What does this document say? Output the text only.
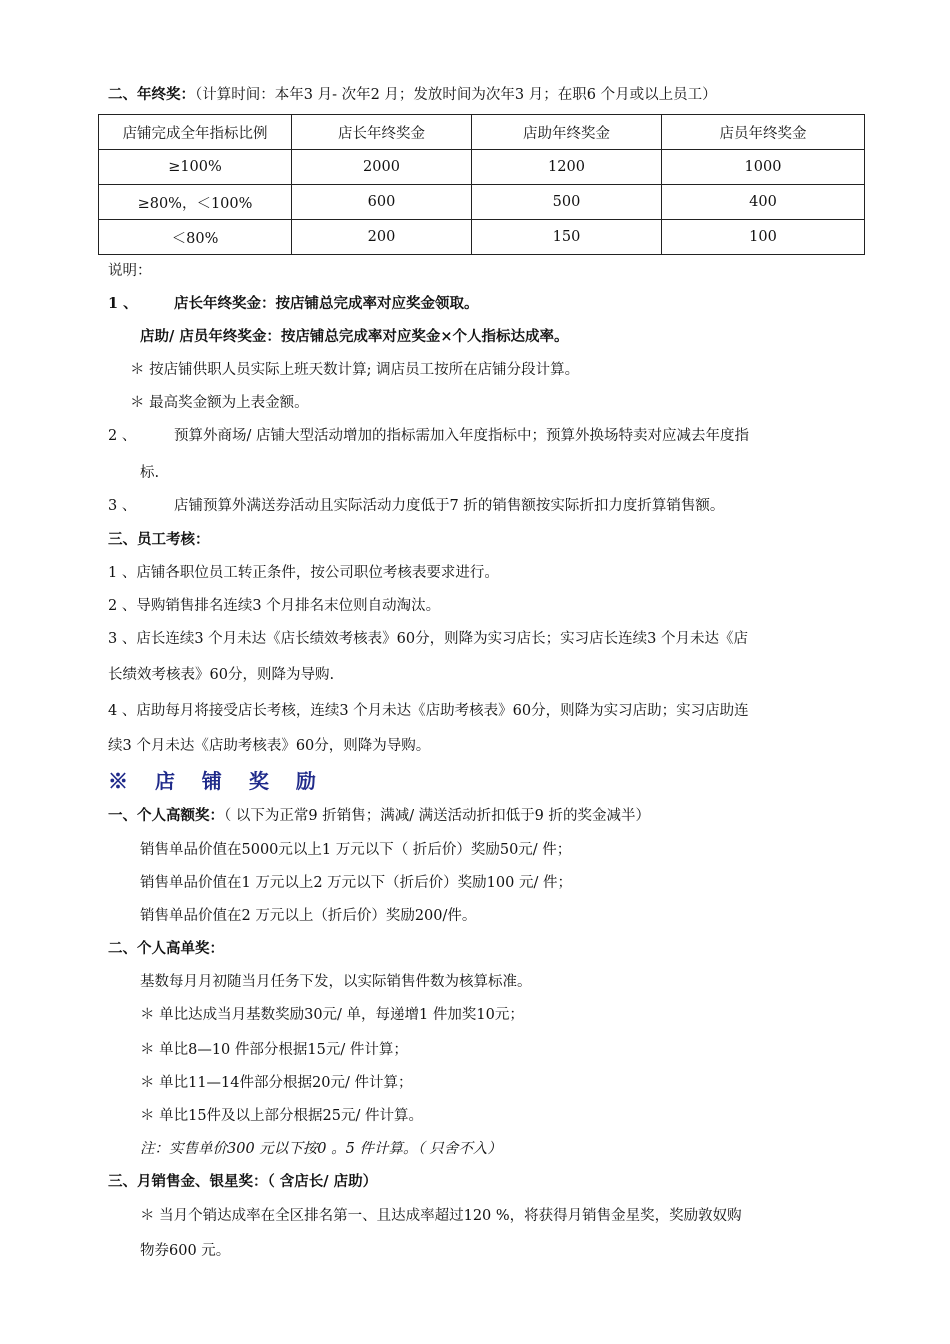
二、年终奖：（计算时间：本年3 月- 次年2 月；发放时间为次年3 月；在职6 个月或以上员工）
店铺完成全年指标比例	店长年终奖金	店助年终奖金	店员年终奖金
≥100%	2000	1200	1000
≥80%，＜100%	600	500	400
＜80%	200	150	100
说明：
1 、	店长年终奖金：按店铺总完成率对应奖金领取。
店助/ 店员年终奖金：按店铺总完成率对应奖金×个人指标达成率。
＊ 按店铺供职人员实际上班天数计算; 调店员工按所在店铺分段计算。
＊ 最高奖金额为上表金额。
2 、	预算外商场/ 店铺大型活动增加的指标需加入年度指标中；预算外换场特卖对应减去年度指
标.
3 、	店铺预算外满送券活动且实际活动力度低于7 折的销售额按实际折扣力度折算销售额。
三、员工考核：
1 、店铺各职位员工转正条件，按公司职位考核表要求进行。
2 、导购销售排名连续3 个月排名末位则自动淘汰。
3 、店长连续3 个月未达《店长绩效考核表》60分，则降为实习店长；实习店长连续3 个月未达《店
长绩效考核表》60分，则降为导购.
4 、店助每月将接受店长考核，连续3 个月未达《店助考核表》60分，则降为实习店助；实习店助连
续3 个月未达《店助考核表》60分，则降为导购。
※ 店 铺 奖 励
一、个人高额奖：（ 以下为正常9 折销售；满减/ 满送活动折扣低于9 折的奖金减半）
销售单品价值在5000元以上1 万元以下（ 折后价）奖励50元/ 件；
销售单品价值在1 万元以上2 万元以下（折后价）奖励100 元/ 件；
销售单品价值在2 万元以上（折后价）奖励200/件。
二、个人高单奖：
基数每月月初随当月任务下发，以实际销售件数为核算标准。
＊ 单比达成当月基数奖励30元/ 单，每递增1 件加奖10元；
＊ 单比8—10 件部分根据15元/ 件计算；
＊ 单比11—14件部分根据20元/ 件计算；
＊ 单比15件及以上部分根据25元/ 件计算。
注：实售单价300 元以下按0 。5 件计算。（ 只舍不入）
三、月销售金、银星奖：（ 含店长/ 店助）
＊ 当月个销达成率在全区排名第一、且达成率超过120 %，将获得月销售金星奖，奖励敦奴购
物券600 元。
